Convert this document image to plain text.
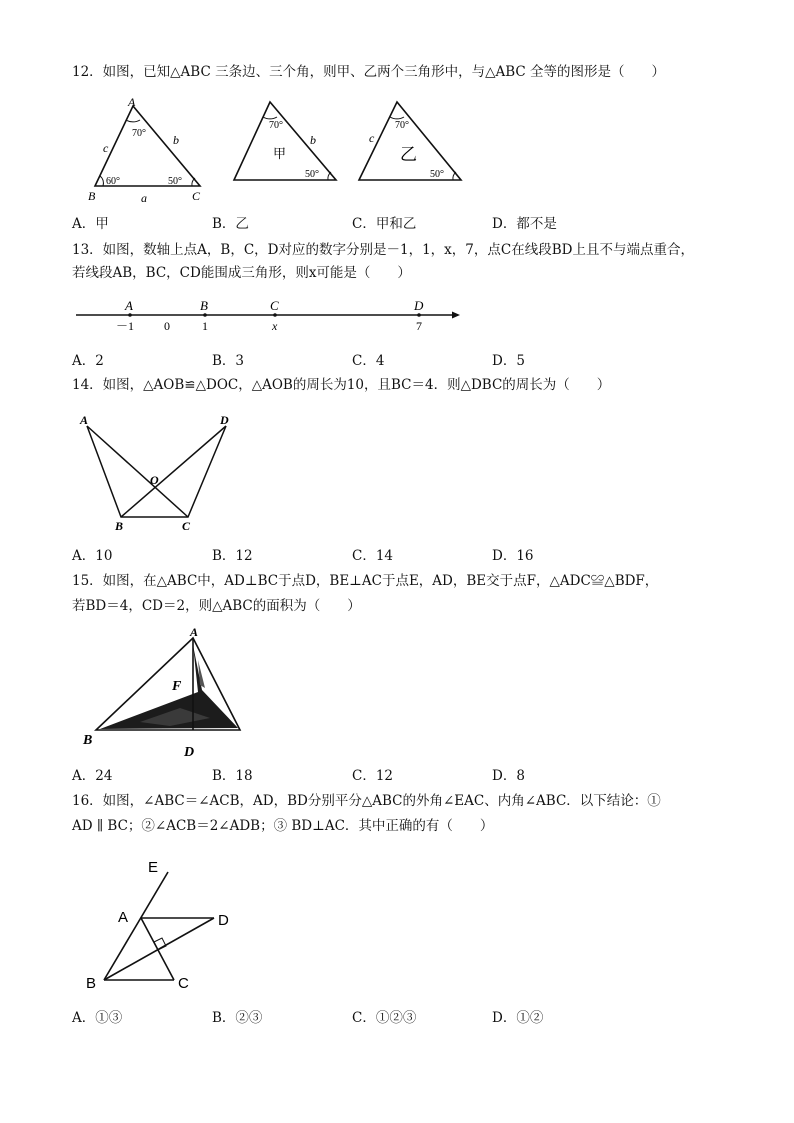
12．如图，已知△ABC 三条边、三个角，则甲、乙两个三角形中，与△ABC 全等的图形是（　　）
A
B	C
a
b
c
70°
60°	50°
70°
b
50°
甲
70°
c
50°
乙
A．甲	B．乙	C．甲和乙	D．都不是
13．如图，数轴上点A，B，C，D对应的数字分别是－1，1，x，7，点C在线段BD上且不与端点重合，
若线段AB，BC，CD能围成三角形，则x可能是（　　）
A	B	C	D
－1 0	1	x	7
A．2	B．3	C．4	D．5
14．如图，△AOB≌△DOC，△AOB的周长为10，且BC＝4．则△DBC的周长为（　　）
A	D
O
B	C
A．10	B．12	C．14	D．16
15．如图，在△ABC中，AD⊥BC于点D，BE⊥AC于点E，AD，BE交于点F，△ADC≌△BDF，
若BD＝4，CD＝2，则△ABC的面积为（　　）
A
F
B
D
A．24	B．18	C．12	D．8
16．如图，∠ABC＝∠ACB，AD，BD分别平分△ABC的外角∠EAC、内角∠ABC．以下结论：①
AD ∥ BC；②∠ACB＝2∠ADB；③ BD⊥AC．其中正确的有（　　）
E
A	D
B	C
A．①③	B．②③	C．①②③	D．①②
